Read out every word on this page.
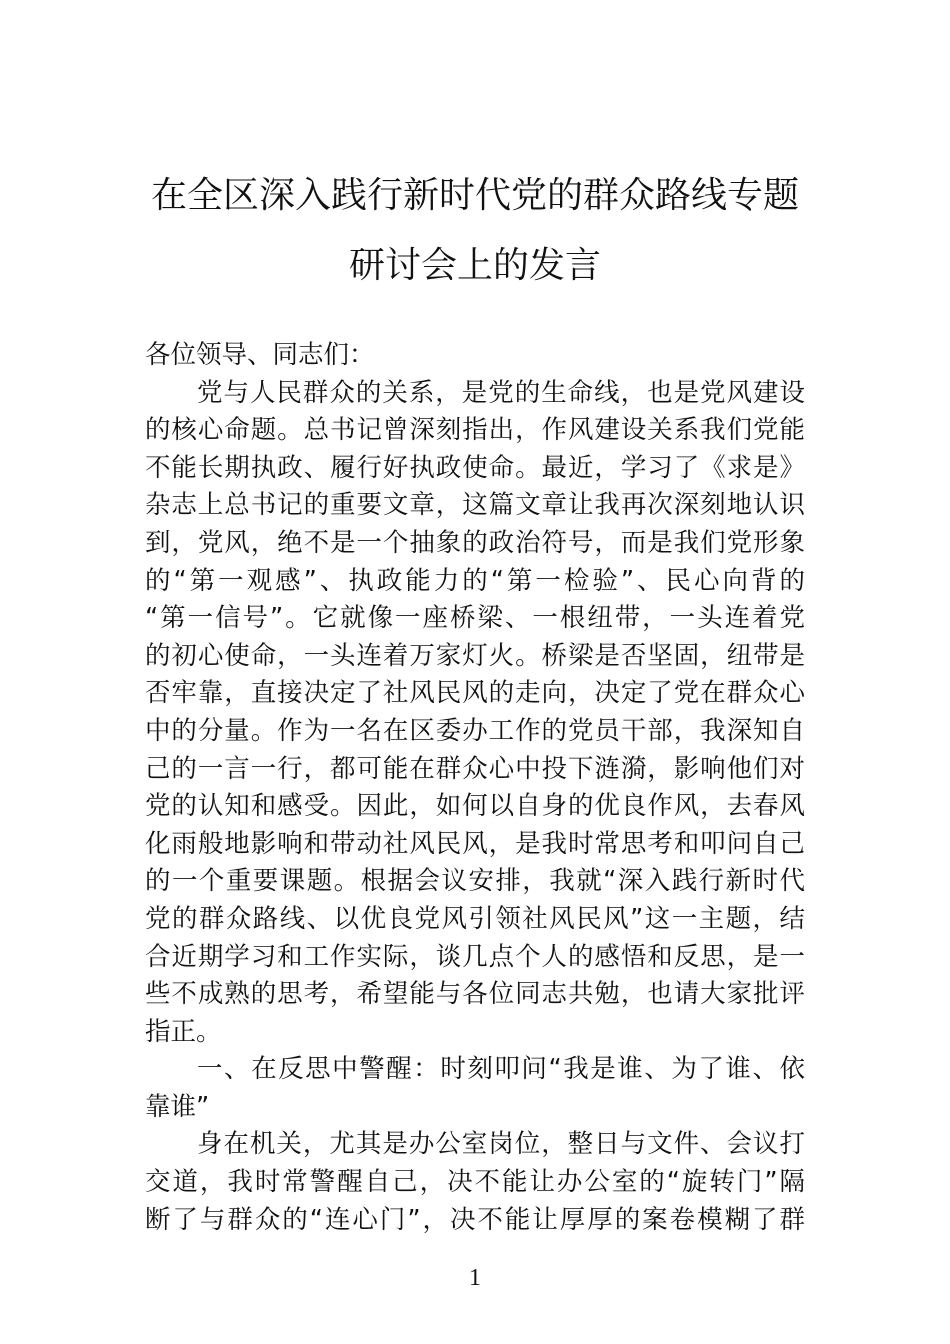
在全区深入践行新时代党的群众路线专题
研讨会上的发言
各位领导、同志们：
党与人民群众的关系，是党的生命线，也是党风建设
的核心命题。总书记曾深刻指出，作风建设关系我们党能
不能长期执政、履行好执政使命。最近，学习了《求是》
杂志上总书记的重要文章，这篇文章让我再次深刻地认识
到，党风，绝不是一个抽象的政治符号，而是我们党形象
的“第一观感”、执政能力的“第一检验”、民心向背的
“第一信号”。它就像一座桥梁、一根纽带，一头连着党
的初心使命，一头连着万家灯火。桥梁是否坚固，纽带是
否牢靠，直接决定了社风民风的走向，决定了党在群众心
中的分量。作为一名在区委办工作的党员干部，我深知自
己的一言一行，都可能在群众心中投下涟漪，影响他们对
党的认知和感受。因此，如何以自身的优良作风，去春风
化雨般地影响和带动社风民风，是我时常思考和叩问自己
的一个重要课题。根据会议安排，我就“深入践行新时代
党的群众路线、以优良党风引领社风民风”这一主题，结
合近期学习和工作实际，谈几点个人的感悟和反思，是一
些不成熟的思考，希望能与各位同志共勉，也请大家批评
指正。
一、在反思中警醒：时刻叩问“我是谁、为了谁、依
靠谁”
身在机关，尤其是办公室岗位，整日与文件、会议打
交道，我时常警醒自己，决不能让办公室的“旋转门”隔
断了与群众的“连心门”，决不能让厚厚的案卷模糊了群
1
